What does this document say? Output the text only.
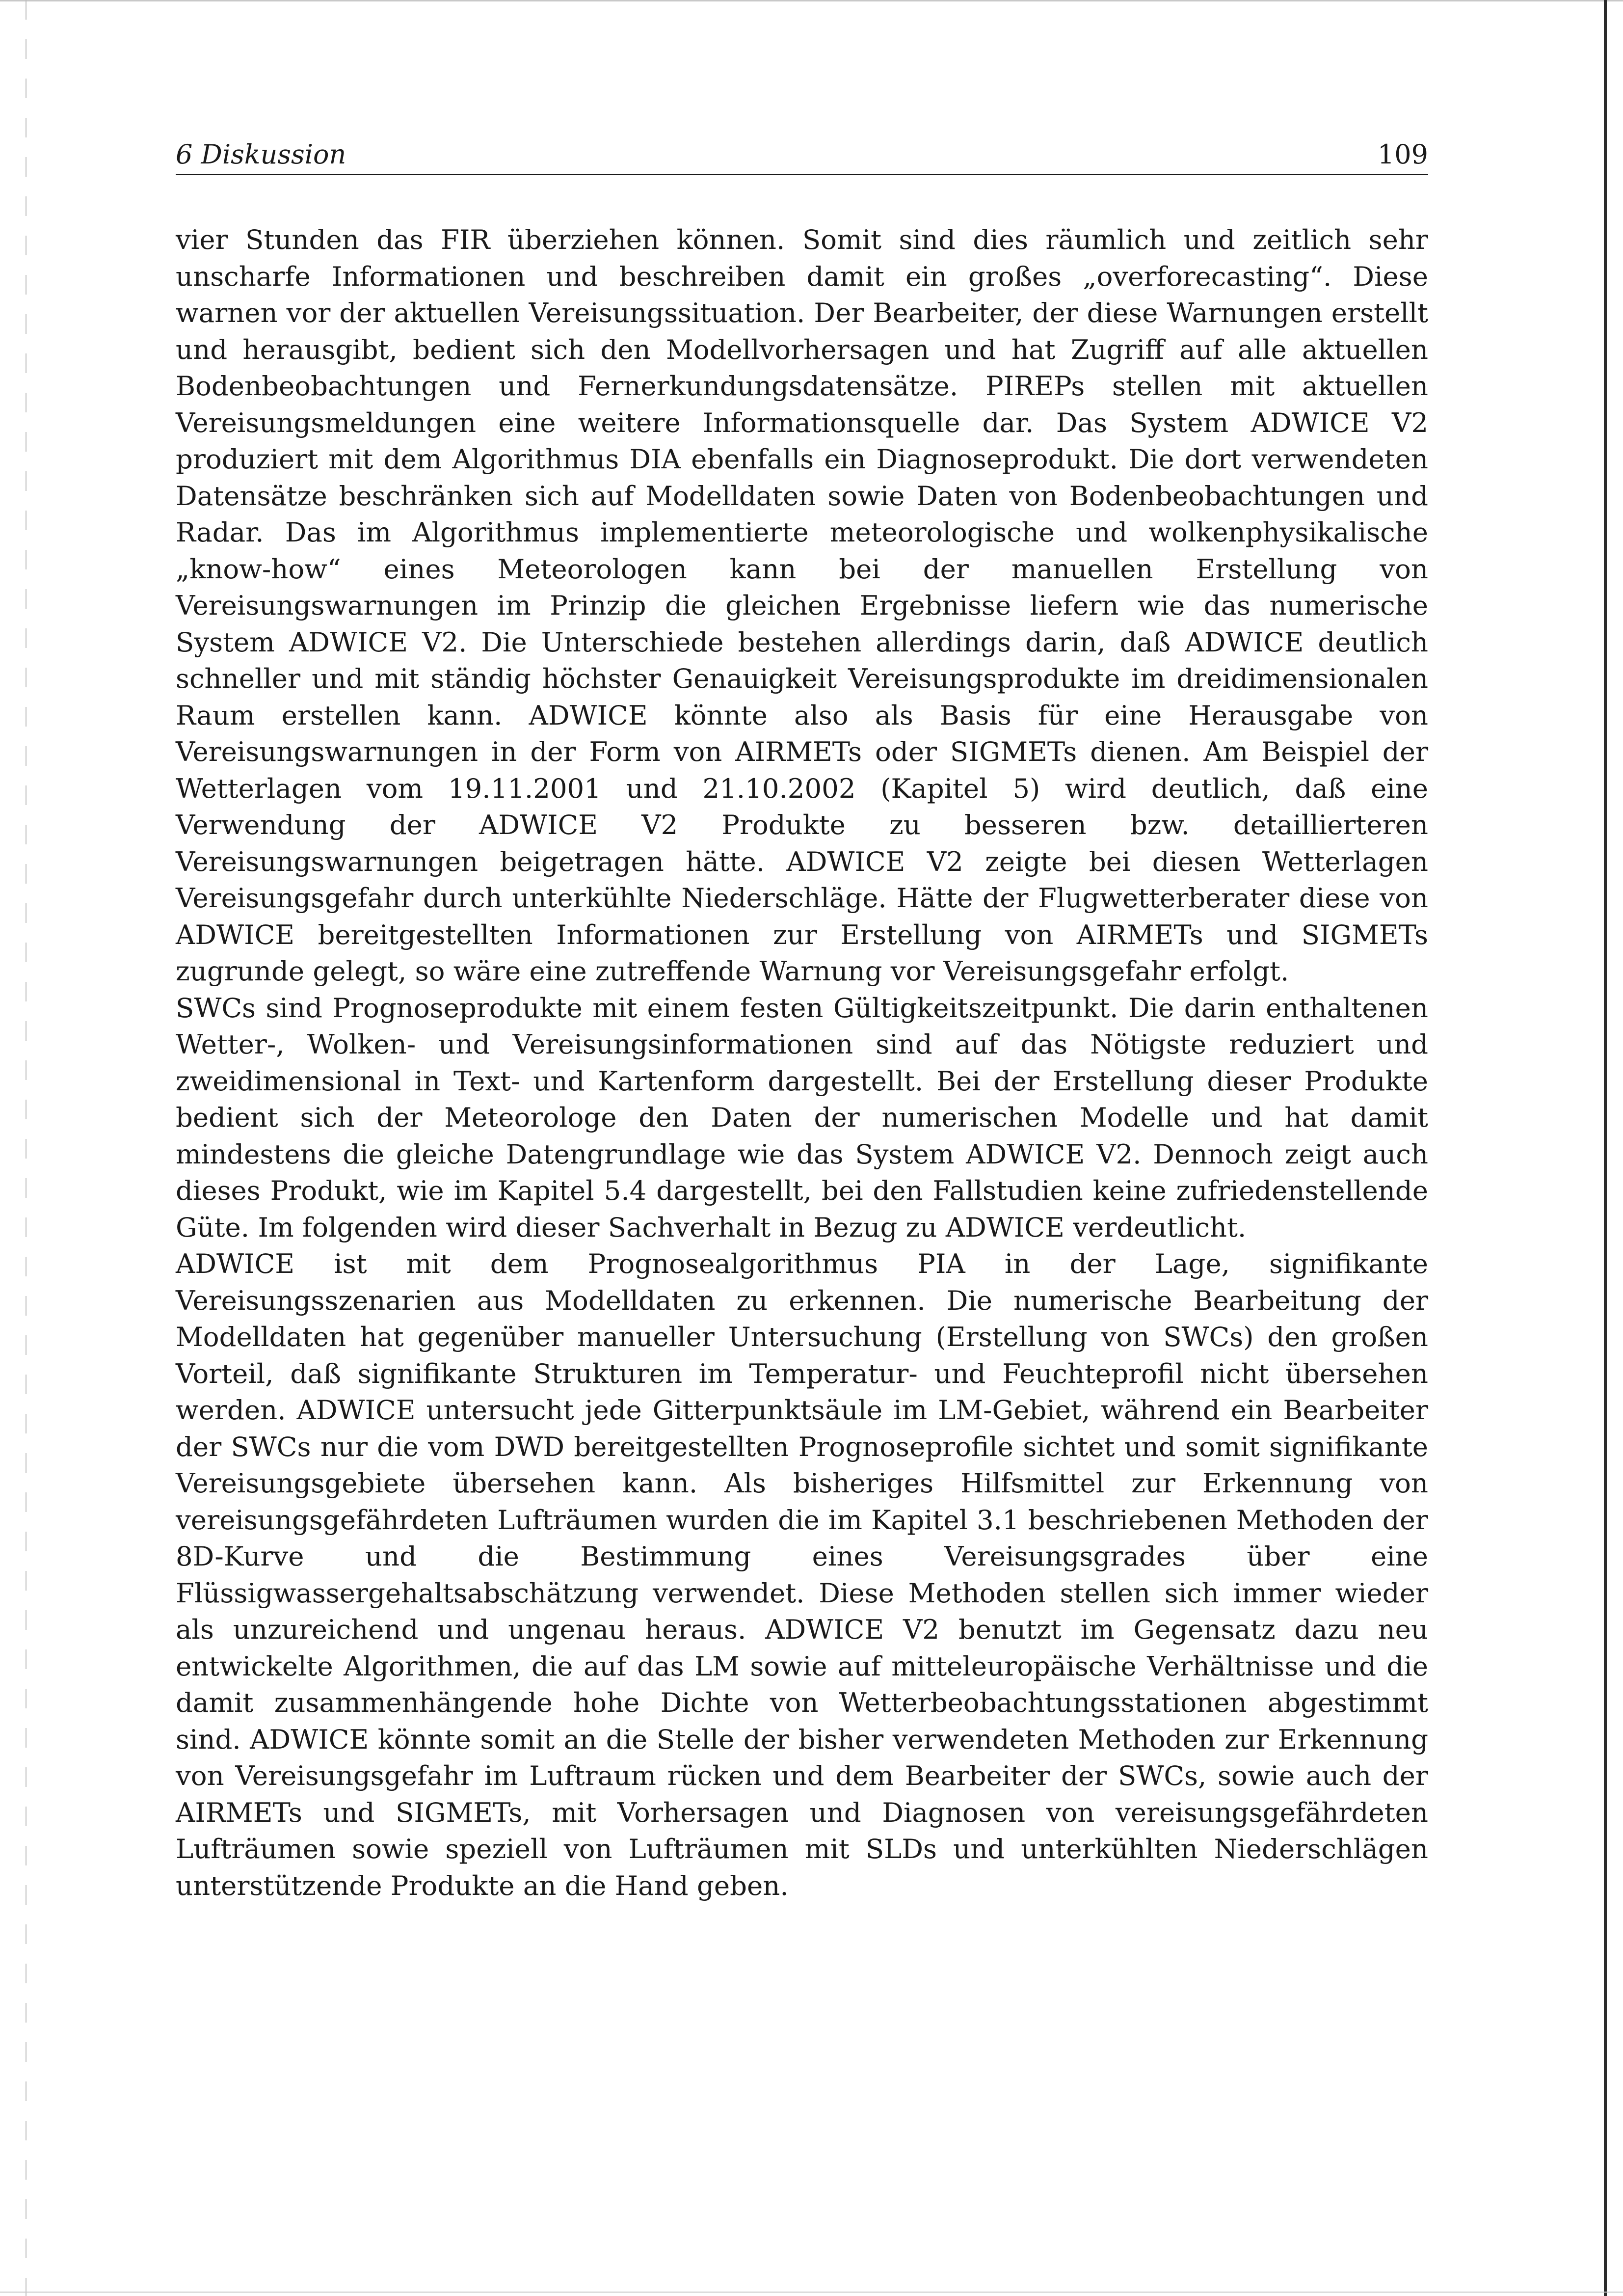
6 Diskussion	109

vier Stunden das FIR überziehen können. Somit sind dies räumlich und zeitlich sehr unscharfe Informationen und beschreiben damit ein großes „overforecasting“. Diese warnen vor der aktuellen Vereisungssituation. Der Bearbeiter, der diese Warnungen erstellt und herausgibt, bedient sich den Modellvorhersagen und hat Zugriff auf alle aktuellen Bodenbeobachtungen und Fernerkundungsdatensätze. PIREPs stellen mit aktuellen Vereisungsmeldungen eine weitere Informationsquelle dar. Das System ADWICE V2 produziert mit dem Algorithmus DIA ebenfalls ein Diagnoseprodukt. Die dort verwendeten Datensätze beschränken sich auf Modelldaten sowie Daten von Bodenbeobachtungen und Radar. Das im Algorithmus implementierte meteorologische und wolkenphysikalische „know-how“ eines Meteorologen kann bei der manuellen Erstellung von Vereisungswarnungen im Prinzip die gleichen Ergebnisse liefern wie das numerische System ADWICE V2. Die Unterschiede bestehen allerdings darin, daß ADWICE deutlich schneller und mit ständig höchster Genauigkeit Vereisungsprodukte im dreidimensionalen Raum erstellen kann. ADWICE könnte also als Basis für eine Herausgabe von Vereisungswarnungen in der Form von AIRMETs oder SIGMETs dienen. Am Beispiel der Wetterlagen vom 19.11.2001 und 21.10.2002 (Kapitel 5) wird deutlich, daß eine Verwendung der ADWICE V2 Produkte zu besseren bzw. detaillierteren Vereisungswarnungen beigetragen hätte. ADWICE V2 zeigte bei diesen Wetterlagen Vereisungsgefahr durch unterkühlte Niederschläge. Hätte der Flugwetterberater diese von ADWICE bereitgestellten Informationen zur Erstellung von AIRMETs und SIGMETs zugrunde gelegt, so wäre eine zutreffende Warnung vor Vereisungsgefahr erfolgt.

SWCs sind Prognoseprodukte mit einem festen Gültigkeitszeitpunkt. Die darin enthaltenen Wetter-, Wolken- und Vereisungsinformationen sind auf das Nötigste reduziert und zweidimensional in Text- und Kartenform dargestellt. Bei der Erstellung dieser Produkte bedient sich der Meteorologe den Daten der numerischen Modelle und hat damit mindestens die gleiche Datengrundlage wie das System ADWICE V2. Dennoch zeigt auch dieses Produkt, wie im Kapitel 5.4 dargestellt, bei den Fallstudien keine zufriedenstellende Güte. Im folgenden wird dieser Sachverhalt in Bezug zu ADWICE verdeutlicht.

ADWICE ist mit dem Prognosealgorithmus PIA in der Lage, signifikante Vereisungsszenarien aus Modelldaten zu erkennen. Die numerische Bearbeitung der Modelldaten hat gegenüber manueller Untersuchung (Erstellung von SWCs) den großen Vorteil, daß signifikante Strukturen im Temperatur- und Feuchteprofil nicht übersehen werden. ADWICE untersucht jede Gitterpunktsäule im LM-Gebiet, während ein Bearbeiter der SWCs nur die vom DWD bereitgestellten Prognoseprofile sichtet und somit signifikante Vereisungsgebiete übersehen kann. Als bisheriges Hilfsmittel zur Erkennung von vereisungsgefährdeten Lufträumen wurden die im Kapitel 3.1 beschriebenen Methoden der 8D-Kurve und die Bestimmung eines Vereisungsgrades über eine Flüssigwassergehaltsabschätzung verwendet. Diese Methoden stellen sich immer wieder als unzureichend und ungenau heraus. ADWICE V2 benutzt im Gegensatz dazu neu entwickelte Algorithmen, die auf das LM sowie auf mitteleuropäische Verhältnisse und die damit zusammenhängende hohe Dichte von Wetterbeobachtungsstationen abgestimmt sind. ADWICE könnte somit an die Stelle der bisher verwendeten Methoden zur Erkennung von Vereisungsgefahr im Luftraum rücken und dem Bearbeiter der SWCs, sowie auch der AIRMETs und SIGMETs, mit Vorhersagen und Diagnosen von vereisungsgefährdeten Lufträumen sowie speziell von Lufträumen mit SLDs und unterkühlten Niederschlägen unterstützende Produkte an die Hand geben.
